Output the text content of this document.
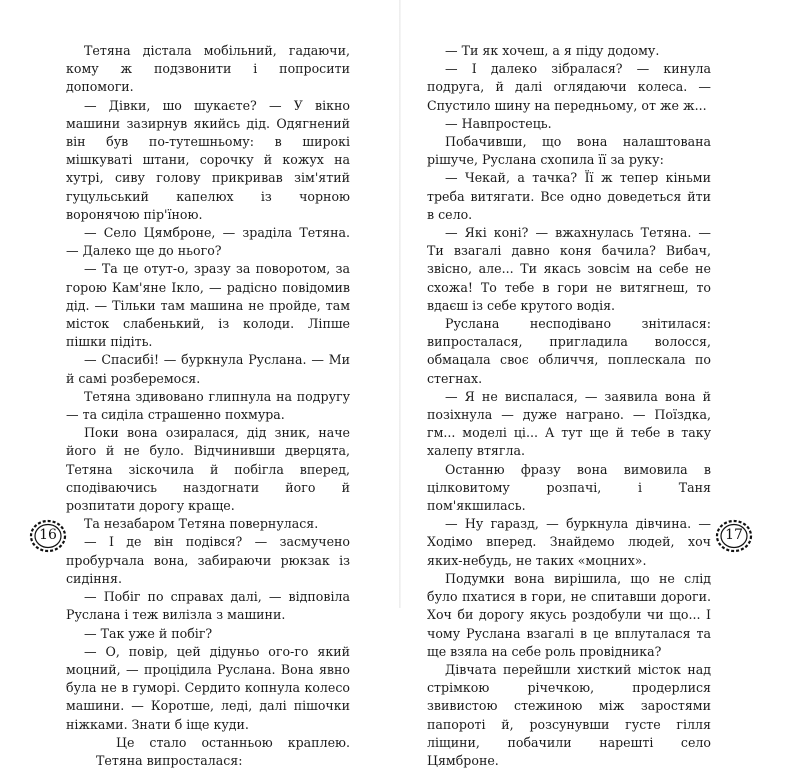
Тетяна дістала мобільний, гадаючи, кому ж подзвонити і попросити допомоги.

— Дівки, шо шукаєте? — У вікно машини зазирнув якийсь дід. Одягнений він був по-тутешньому: в широкі мішкуваті штани, сорочку й кожух на хутрі, сиву голову прикривав зім'ятий гуцульський капелюх із чорною воронячою пір'їною.

— Село Цямброне, — зраділа Тетяна. — Далеко ще до нього?

— Та це отут-о, зразу за поворотом, за горою Кам'яне Ікло, — радісно повідомив дід. — Тільки там машина не пройде, там місток слабенький, із колоди. Ліпше пішки підіть.

— Спасибі! — буркнула Руслана. — Ми й самі розберемося.

Тетяна здивовано глипнула на подругу — та сиділа страшенно похмура.

Поки вона озиралася, дід зник, наче його й не було. Відчинивши дверцята, Тетяна зіскочила й побігла вперед, сподіваючись наздогнати його й розпитати дорогу краще.

Та незабаром Тетяна повернулася.

— І де він подівся? — засмучено пробурчала вона, забираючи рюкзак із сидіння.

— Побіг по справах далі, — відповіла Руслана і теж вилізла з машини.

— Так уже й побіг?

— О, повір, цей дідуньо ого-го який моцний, — процідила Руслана. Вона явно була не в гуморі. Сердито копнула колесо машини. — Коротше, леді, далі пішочки ніжками. Знати б іще куди.

Це стало останньою краплею. Тетяна випросталася:

16

— Ти як хочеш, а я піду додому.

— І далеко зібралася? — кинула подруга, й далі оглядаючи колеса. — Спустило шину на передньому, от же ж...

— Навпростець.

Побачивши, що вона налаштована рішуче, Руслана схопила її за руку:

— Чекай, а тачка? Її ж тепер кіньми треба витягати. Все одно доведеться йти в село.

— Які коні? — вжахнулась Тетяна. — Ти взагалі давно коня бачила? Вибач, звісно, але... Ти якась зовсім на себе не схожа! То тебе в гори не витягнеш, то вдаєш із себе крутого водія.

Руслана несподівано знітилася: випросталася, пригладила волосся, обмацала своє обличчя, поплескала по стегнах.

— Я не виспалася, — заявила вона й позіхнула — дуже награно. — Поїздка, гм... моделі ці... А тут ще й тебе в таку халепу втягла.

Останню фразу вона вимовила в цілковитому розпачі, і Таня пом'якшилась.

— Ну гаразд, — буркнула дівчина. — Ходімо вперед. Знайдемо людей, хоч яких-небудь, не таких «моцних».

Подумки вона вирішила, що не слід було пхатися в гори, не спитавши дороги. Хоч би дорогу якусь роздобули чи що... І чому Руслана взагалі в це вплуталася та ще взяла на себе роль провідника?

Дівчата перейшли хисткий місток над стрімкою річечкою, продерлися звивистою стежиною між заростями папороті й, розсунувши густе гілля ліщини, побачили нарешті село Цямброне.

17
